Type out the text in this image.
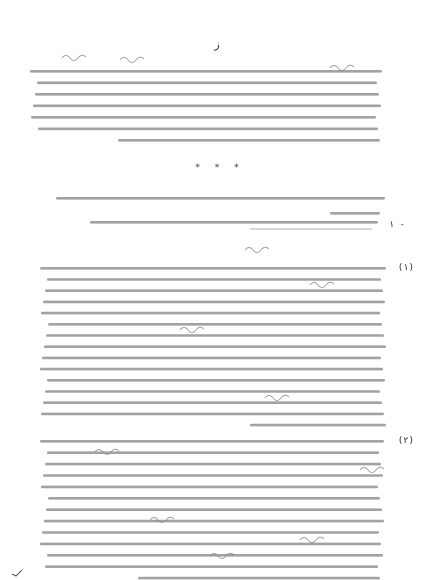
ز
* * *
١ -
(١)
(٢)
